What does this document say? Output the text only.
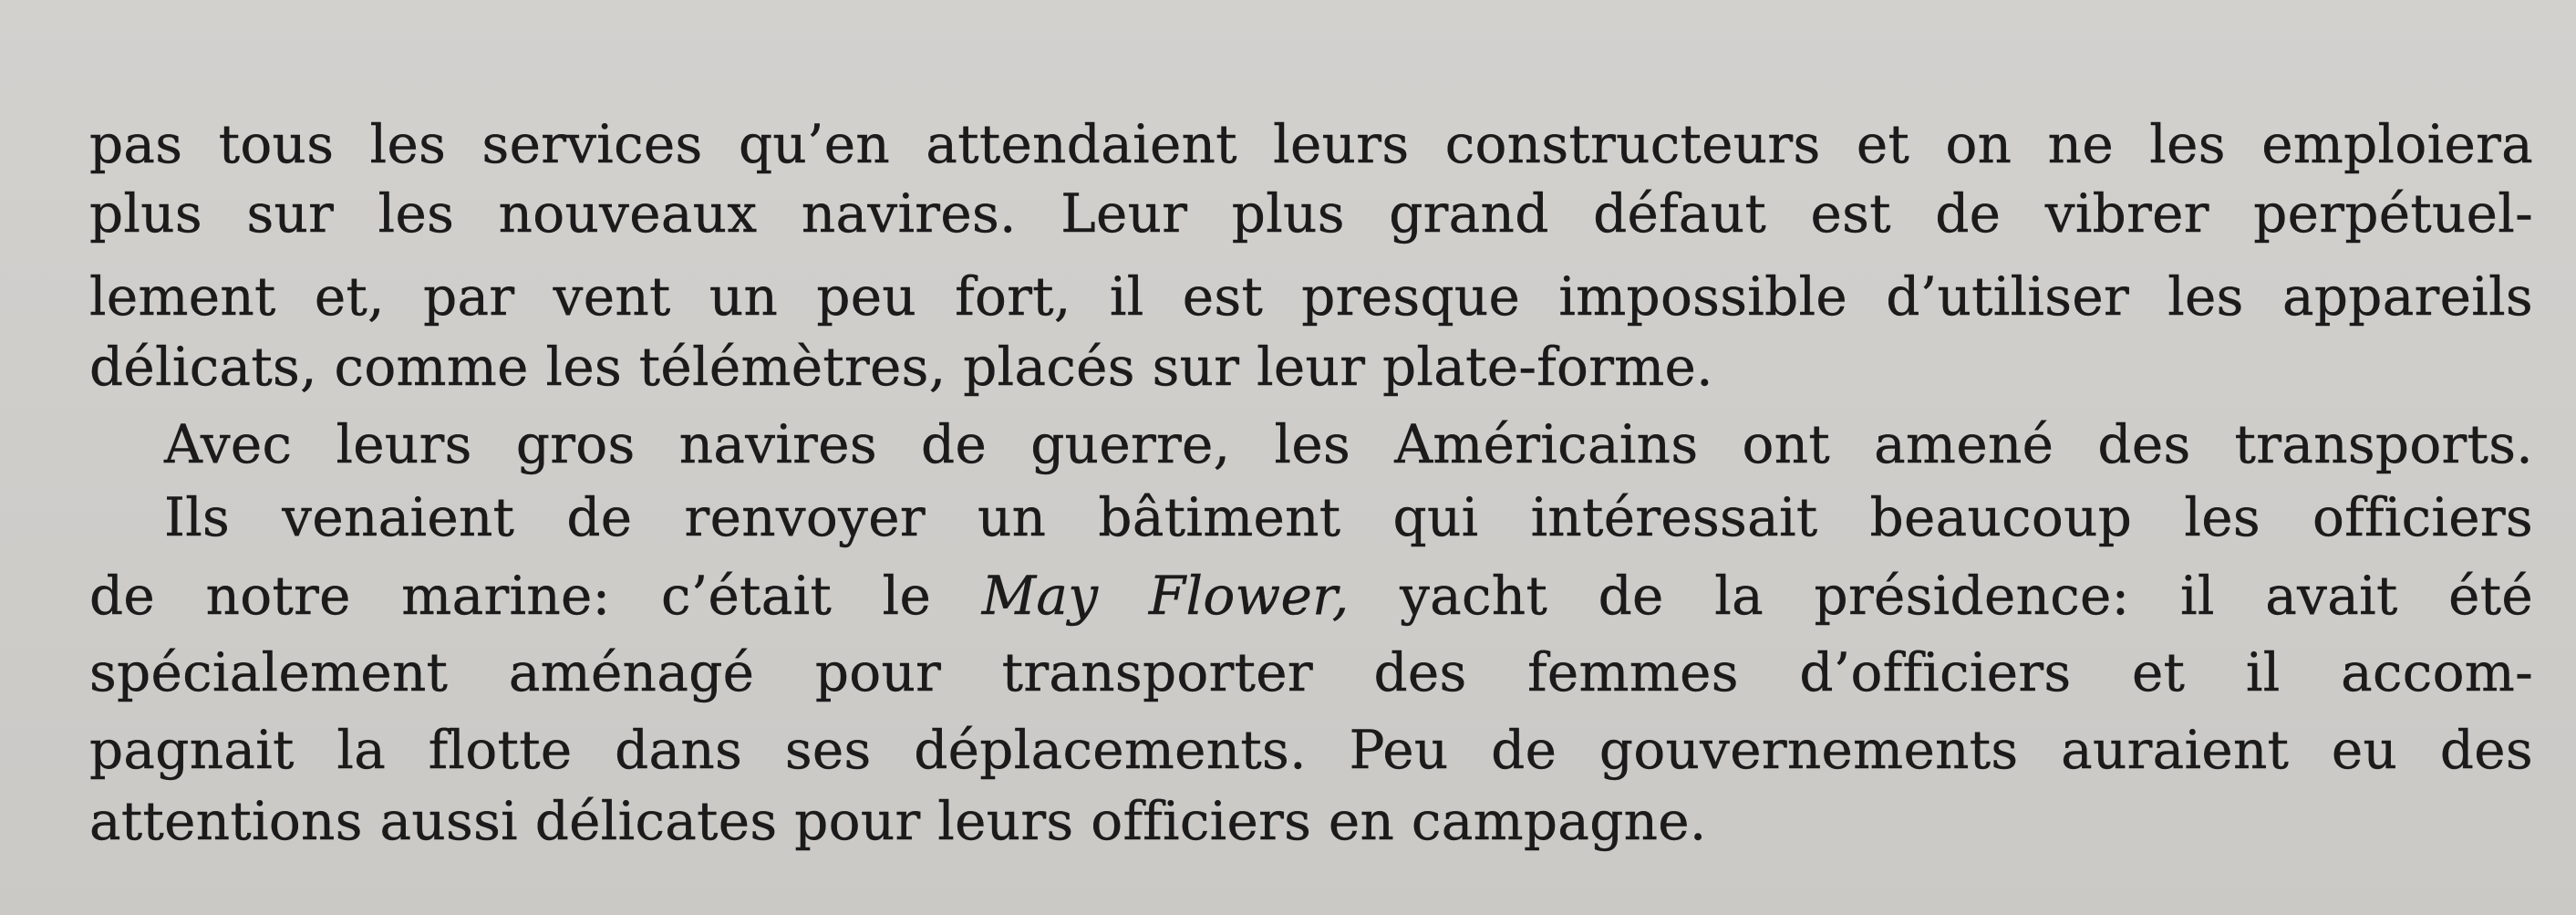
pas tous les services qu’en attendaient leurs constructeurs et on ne les emploiera
plus sur les nouveaux navires. Leur plus grand défaut est de vibrer perpétuel-
lement et, par vent un peu fort, il est presque impossible d’utiliser les appareils
délicats, comme les télémètres, placés sur leur plate-forme.
Avec leurs gros navires de guerre, les Américains ont amené des transports.
Ils venaient de renvoyer un bâtiment qui intéressait beaucoup les officiers
de notre marine: c’était le May Flower, yacht de la présidence: il avait été
spécialement aménagé pour transporter des femmes d’officiers et il accom-
pagnait la flotte dans ses déplacements. Peu de gouvernements auraient eu des
attentions aussi délicates pour leurs officiers en campagne.
